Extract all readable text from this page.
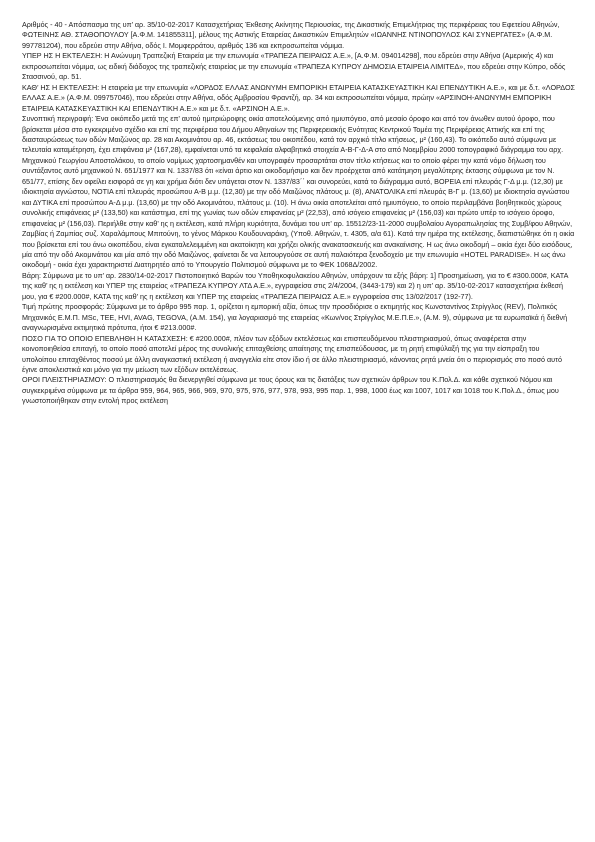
Αριθμός - 40 - Απόσπασμα της υπ’ αρ. 35/10-02-2017 Κατασχετήριας Έκθεσης Ακίνητης Περιουσίας, της Δικαστικής Επιμελήτριας της περιφέρειας του Εφετείου Αθηνών, ΦΩΤΕΙΝΗΣ ΑΘ. ΣΤΑΘΟΠΟΥΛΟΥ [Α.Φ.Μ. 141855311], μέλους της Αστικής Εταιρείας Δικαστικών Επιμελητών «ΙΩΑΝΝΗΣ ΝΤΙΝΟΠΟΥΛΟΣ ΚΑΙ ΣΥΝΕΡΓΑΤΕΣ» (Α.Φ.Μ. 997781204), που εδρεύει στην Αθήνα, οδός Ι. Μομφερράτου, αριθμός 136 και εκπροσωπείται νόμιμα.

ΥΠΕΡ ΗΣ Η ΕΚΤΕΛΕΣΗ: Η Ανώνυμη Τραπεζική Εταιρεία με την επωνυμία «ΤΡΑΠΕΖΑ ΠΕΙΡΑΙΩΣ Α.Ε.», [Α.Φ.Μ. 094014298], που εδρεύει στην Αθήνα (Αμερικής 4) και εκπροσωπείται νόμιμα, ως ειδική διάδοχος της τραπεζικής εταιρείας με την επωνυμία «ΤΡΑΠΕΖΑ ΚΥΠΡΟΥ ΔΗΜΟΣΙΑ ΕΤΑΙΡΕΙΑ ΛΙΜΙΤΕΔ», που εδρεύει στην Κύπρο, οδός Στασσινού, αρ. 51.

ΚΑΘ’ ΗΣ Η ΕΚΤΕΛΕΣΗ: Η εταιρεία με την επωνυμία «ΛΟΡΔΟΣ ΕΛΛΑΣ ΑΝΩΝΥΜΗ ΕΜΠΟΡΙΚΗ ΕΤΑΙΡΕΙΑ ΚΑΤΑΣΚΕΥΑΣΤΙΚΗ ΚΑΙ ΕΠΕΝΔΥΤΙΚΗ Α.Ε.», και με δ.τ. «ΛΟΡΔΟΣ ΕΛΛΑΣ Α.Ε.» (Α.Φ.Μ. 099757046), που εδρεύει στην Αθήνα, οδός Αμβροσίου Φραντζή, αρ. 34 και εκπροσωπείται νόμιμα, πρώην «ΑΡΣΙΝΟΗ-ΑΝΩΝΥΜΗ ΕΜΠΟΡΙΚΗ ΕΤΑΙΡΕΙΑ ΚΑΤΑΣΚΕΥΑΣΤΙΚΗ ΚΑΙ ΕΠΕΝΔΥΤΙΚΗ Α.Ε.» και με δ.τ. «ΑΡΣΙΝΟΗ Α.Ε.».

Συνοπτική περιγραφή: Ένα οικόπεδο μετά της επ’ αυτού ημιτριώροφης οικία αποτελούμενης από ημιυπόγειο, από μεσαίο όροφο και από τον άνωθεν αυτού όροφο, που βρίσκεται μέσα στο εγκεκριμένο σχέδιο και επί της περιφέρεια του Δήμου Αθηναίων της Περιφερειακής Ενότητας Κεντρικού Τομέα της Περιφέρειας Αττικής και επί της διασταυρώσεως των οδών Μαιζώνος αρ. 28 και Ακομινάτου αρ. 46, εκτάσεως του οικοπέδου, κατά τον αρχικό τίτλο κτήσεως, μ² (160,43). Το οικόπεδο αυτό σύμφωνα με τελευταία καταμέτρηση, έχει επιφάνεια μ² (167,28), εμφαίνεται υπό τα κεφαλαία αλφαβητικά στοιχεία Α-Β-Γ-Δ-Α στο από Νοεμβρίου 2000 τοπογραφικό διάγραμμα του αρχ. Μηχανικού Γεωργίου Αποστολάκου, το οποίο νομίμως χαρτοσημανθέν και υπογραφέν προσαρτάται στον τίτλο κτήσεως και το οποίο φέρει την κατά νόμο δήλωση του συντάξαντος αυτό μηχανικού Ν. 651/1977 και Ν. 1337/83 ότι «είναι άρτιο και οικοδομήσιμο και δεν προέρχεται από κατάτμηση μεγαλύτερης έκτασης σύμφωνα με τον Ν. 651/77, επίσης δεν οφείλει εισφορά σε γη και χρήμα διότι δεν υπάγεται στον Ν. 1337/83΄΄ και συνορεύει, κατά το διάγραμμα αυτό, ΒΟΡΕΙΑ επί πλευράς Γ-Δ μ.μ. (12,30) με ιδιοκτησία αγνώστου, ΝΟΤΙΑ επί πλευράς προσώπου Α-Β μ.μ. (12,30) με την οδό Μαιζώνος πλάτους μ. (8), ΑΝΑΤΟΛΙΚΑ επί πλευράς Β-Γ μ. (13,60) με ιδιοκτησία αγνώστου και ΔΥΤΙΚΑ επί προσώπου Α-Δ μ.μ. (13,60) με την οδό Ακομινάτου, πλάτους μ. (10). Η άνω οικία αποτελείται από ημιυπόγειο, το οποίο περιλαμβάνει βοηθητικούς χώρους συνολικής επιφάνειας μ² (133,50) και κατάστημα, επί της γωνίας των οδών επιφανείας μ² (22,53), από ισόγειο επιφανείας μ² (156,03) και πρώτο υπέρ το ισόγειο όροφο, επιφανείας μ² (156,03). Περιήλθε στην καθ’ ης η εκτέλεση, κατά πλήρη κυριότητα, δυνάμει του υπ’ αρ. 15512/23-11-2000 συμβολαίου Αγοραπωλησίας της Συμβ/φου Αθηνών, Ζαμβίας ή Ζαμπίας συζ. Χαραλάμπους Μπιτούνη, το γένος Μάρκου Κουδουναράκη, (Υποθ. Αθηνών, τ. 4305, α/α 61). Κατά την ημέρα της εκτέλεσης, διαπιστώθηκε ότι η οικία που βρίσκεται επί του άνω οικοπέδου, είναι εγκαταλελειμμένη και ακατοίκητη και χρήζει ολικής ανακατασκευής και ανακαίνισης. Η ως άνω οικοδομή – οικία έχει δύο εισόδους, μία από την οδό Ακομινάτου και μία από την οδό Μαιζώνος, φαίνεται δε να λειτουργούσε σε αυτή παλαιότερα ξενοδοχείο με την επωνυμία «HOTEL PARADISE». Η ως άνω οικοδομή - οικία έχει χαρακτηριστεί Διατηρητέο από το Υπουργείο Πολιτισμού σύμφωνα με το ΦΕΚ 1068Δ/2002.

Βάρη: Σύμφωνα με το υπ’ αρ. 2830/14-02-2017 Πιστοποιητικό Βαρών του Υποθηκοφυλακείου Αθηνών, υπάρχουν τα εξής βάρη: 1] Προσημείωση, για το € #300.000#, ΚΑΤΑ της καθ’ ης η εκτέλεση και ΥΠΕΡ της εταιρείας «ΤΡΑΠΕΖΑ ΚΥΠΡΟΥ ΛΤΔ Α.Ε.», εγγραφείσα στις 2/4/2004, (3443-179) και 2) η υπ’ αρ. 35/10-02-2017 κατασχετήρια έκθεσή μου, για € #200.000#, ΚΑΤΑ της καθ’ ης η εκτέλεση και ΥΠΕΡ της εταιρείας «ΤΡΑΠΕΖΑ ΠΕΙΡΑΙΩΣ Α.Ε.» εγγραφείσα στις 13/02/2017 (192-77).

Τιμή πρώτης προσφοράς: Σύμφωνα με το άρθρο 995 παρ. 1, ορίζεται η εμπορική αξία, όπως την προσδιόρισε ο εκτιμητής κος Κωνσταντίνος Στρίγγλος (REV), Πολιτικός Μηχανικός Ε.Μ.Π. MSc, ΤΕΕ, HVI, AVAG, TEGOVA, (Α.Μ. 154), για λογαριασμό της εταιρείας «Κων/νος Στρίγγλος Μ.Ε.Π.Ε.», (Α.Μ. 9), σύμφωνα με τα ευρωπαϊκά ή διεθνή αναγνωρισμένα εκτιμητικά πρότυπα, ήτοι € #213.000#.

ΠΟΣΟ ΓΙΑ ΤΟ ΟΠΟΙΟ ΕΠΕΒΛΗΘΗ Η ΚΑΤΑΣΧΕΣΗ: € #200.000#, πλέον των εξόδων εκτελέσεως και επισπευδόμενου πλειστηριασμού, όπως αναφέρεται στην κοινοποιηθείσα επιταγή, το οποίο ποσό αποτελεί μέρος της συνολικής επιταχθείσης απαίτησης της επισπεύδουσας, με τη ρητή επιφύλαξή της για την είσπραξη του υπολοίπου επιταχθέντος ποσού με άλλη αναγκαστική εκτέλεση ή αναγγελία είτε στον ίδιο ή σε άλλο πλειστηριασμό, κάνοντας ρητά μνεία ότι ο περιορισμός στο ποσό αυτό έγινε αποκλειστικά και μόνο για την μείωση των εξόδων εκτελέσεως.

ΟΡΟΙ ΠΛΕΙΣΤΗΡΙΑΣΜΟΥ: Ο πλειστηριασμός θα διενεργηθεί σύμφωνα με τους όρους και τις διατάξεις των σχετικών άρθρων του Κ.Πολ.Δ. και κάθε σχετικού Νόμου και συγκεκριμένα σύμφωνα με τα άρθρα 959, 964, 965, 966, 969, 970, 975, 976, 977, 978, 993, 995 παρ. 1, 998, 1000 έως και 1007, 1017 και 1018 του Κ.Πολ.Δ., όπως μου γνωστοποιήθηκαν στην εντολή προς εκτέλεση
